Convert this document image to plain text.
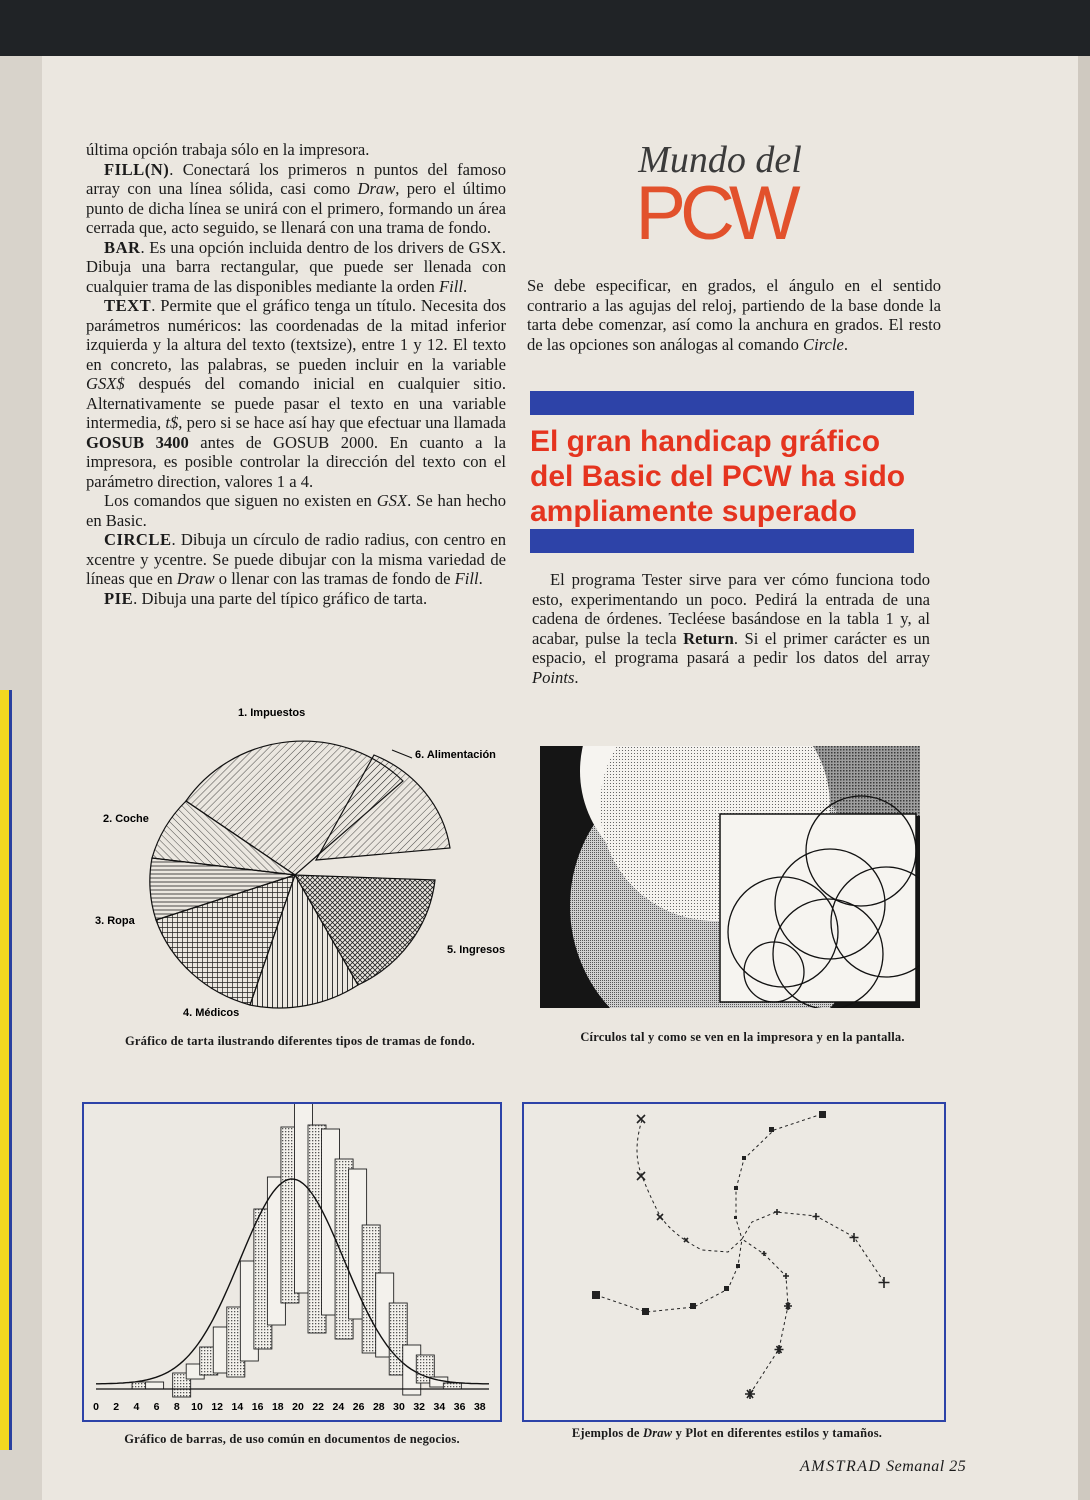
última opción trabaja sólo en la impresora.

FILL(N). Conectará los primeros n puntos del famoso array con una línea sólida, casi como Draw, pero el último punto de dicha línea se unirá con el primero, formando un área cerrada que, acto seguido, se llenará con una trama de fondo.

BAR. Es una opción incluida dentro de los drivers de GSX. Dibuja una barra rectangular, que puede ser llenada con cualquier trama de las disponibles mediante la orden Fill.

TEXT. Permite que el gráfico tenga un título. Necesita dos parámetros numéricos: las coordenadas de la mitad inferior izquierda y la altura del texto (textsize), entre 1 y 12. El texto en concreto, las palabras, se pueden incluir en la variable GSX$ después del comando inicial en cualquier sitio. Alternativamente se puede pasar el texto en una variable intermedia, t$, pero si se hace así hay que efectuar una llamada GOSUB 3400 antes de GOSUB 2000. En cuanto a la impresora, es posible controlar la dirección del texto con el parámetro direction, valores 1 a 4.

Los comandos que siguen no existen en GSX. Se han hecho en Basic.

CIRCLE. Dibuja un círculo de radio radius, con centro en xcentre y ycentre. Se puede dibujar con la misma variedad de líneas que en Draw o llenar con las tramas de fondo de Fill.

PIE. Dibuja una parte del típico gráfico de tarta.

Mundo del
PCW

Se debe especificar, en grados, el ángulo en el sentido contrario a las agujas del reloj, partiendo de la base donde la tarta debe comenzar, así como la anchura en grados. El resto de las opciones son análogas al comando Circle.

El gran handicap gráfico
del Basic del PCW ha sido
ampliamente superado

El programa Tester sirve para ver cómo funciona todo esto, experimentando un poco. Pedirá la entrada de una cadena de órdenes. Tecléese basándose en la tabla 1 y, al acabar, pulse la tecla Return. Si el primer carácter es un espacio, el programa pasará a pedir los datos del array Points.

1. Impuestos
6. Alimentación
2. Coche
3. Ropa
5. Ingresos
4. Médicos
Gráfico de tarta ilustrando diferentes tipos de tramas de fondo.	Círculos tal y como se ven en la impresora y en la pantalla.
0 2 4 6 8 10 12 14 16 18 20 22 24 26 28 30 32 34 36 38
Gráfico de barras, de uso común en documentos de negocios.	Ejemplos de Draw y Plot en diferentes estilos y tamaños.
AMSTRAD Semanal 25
